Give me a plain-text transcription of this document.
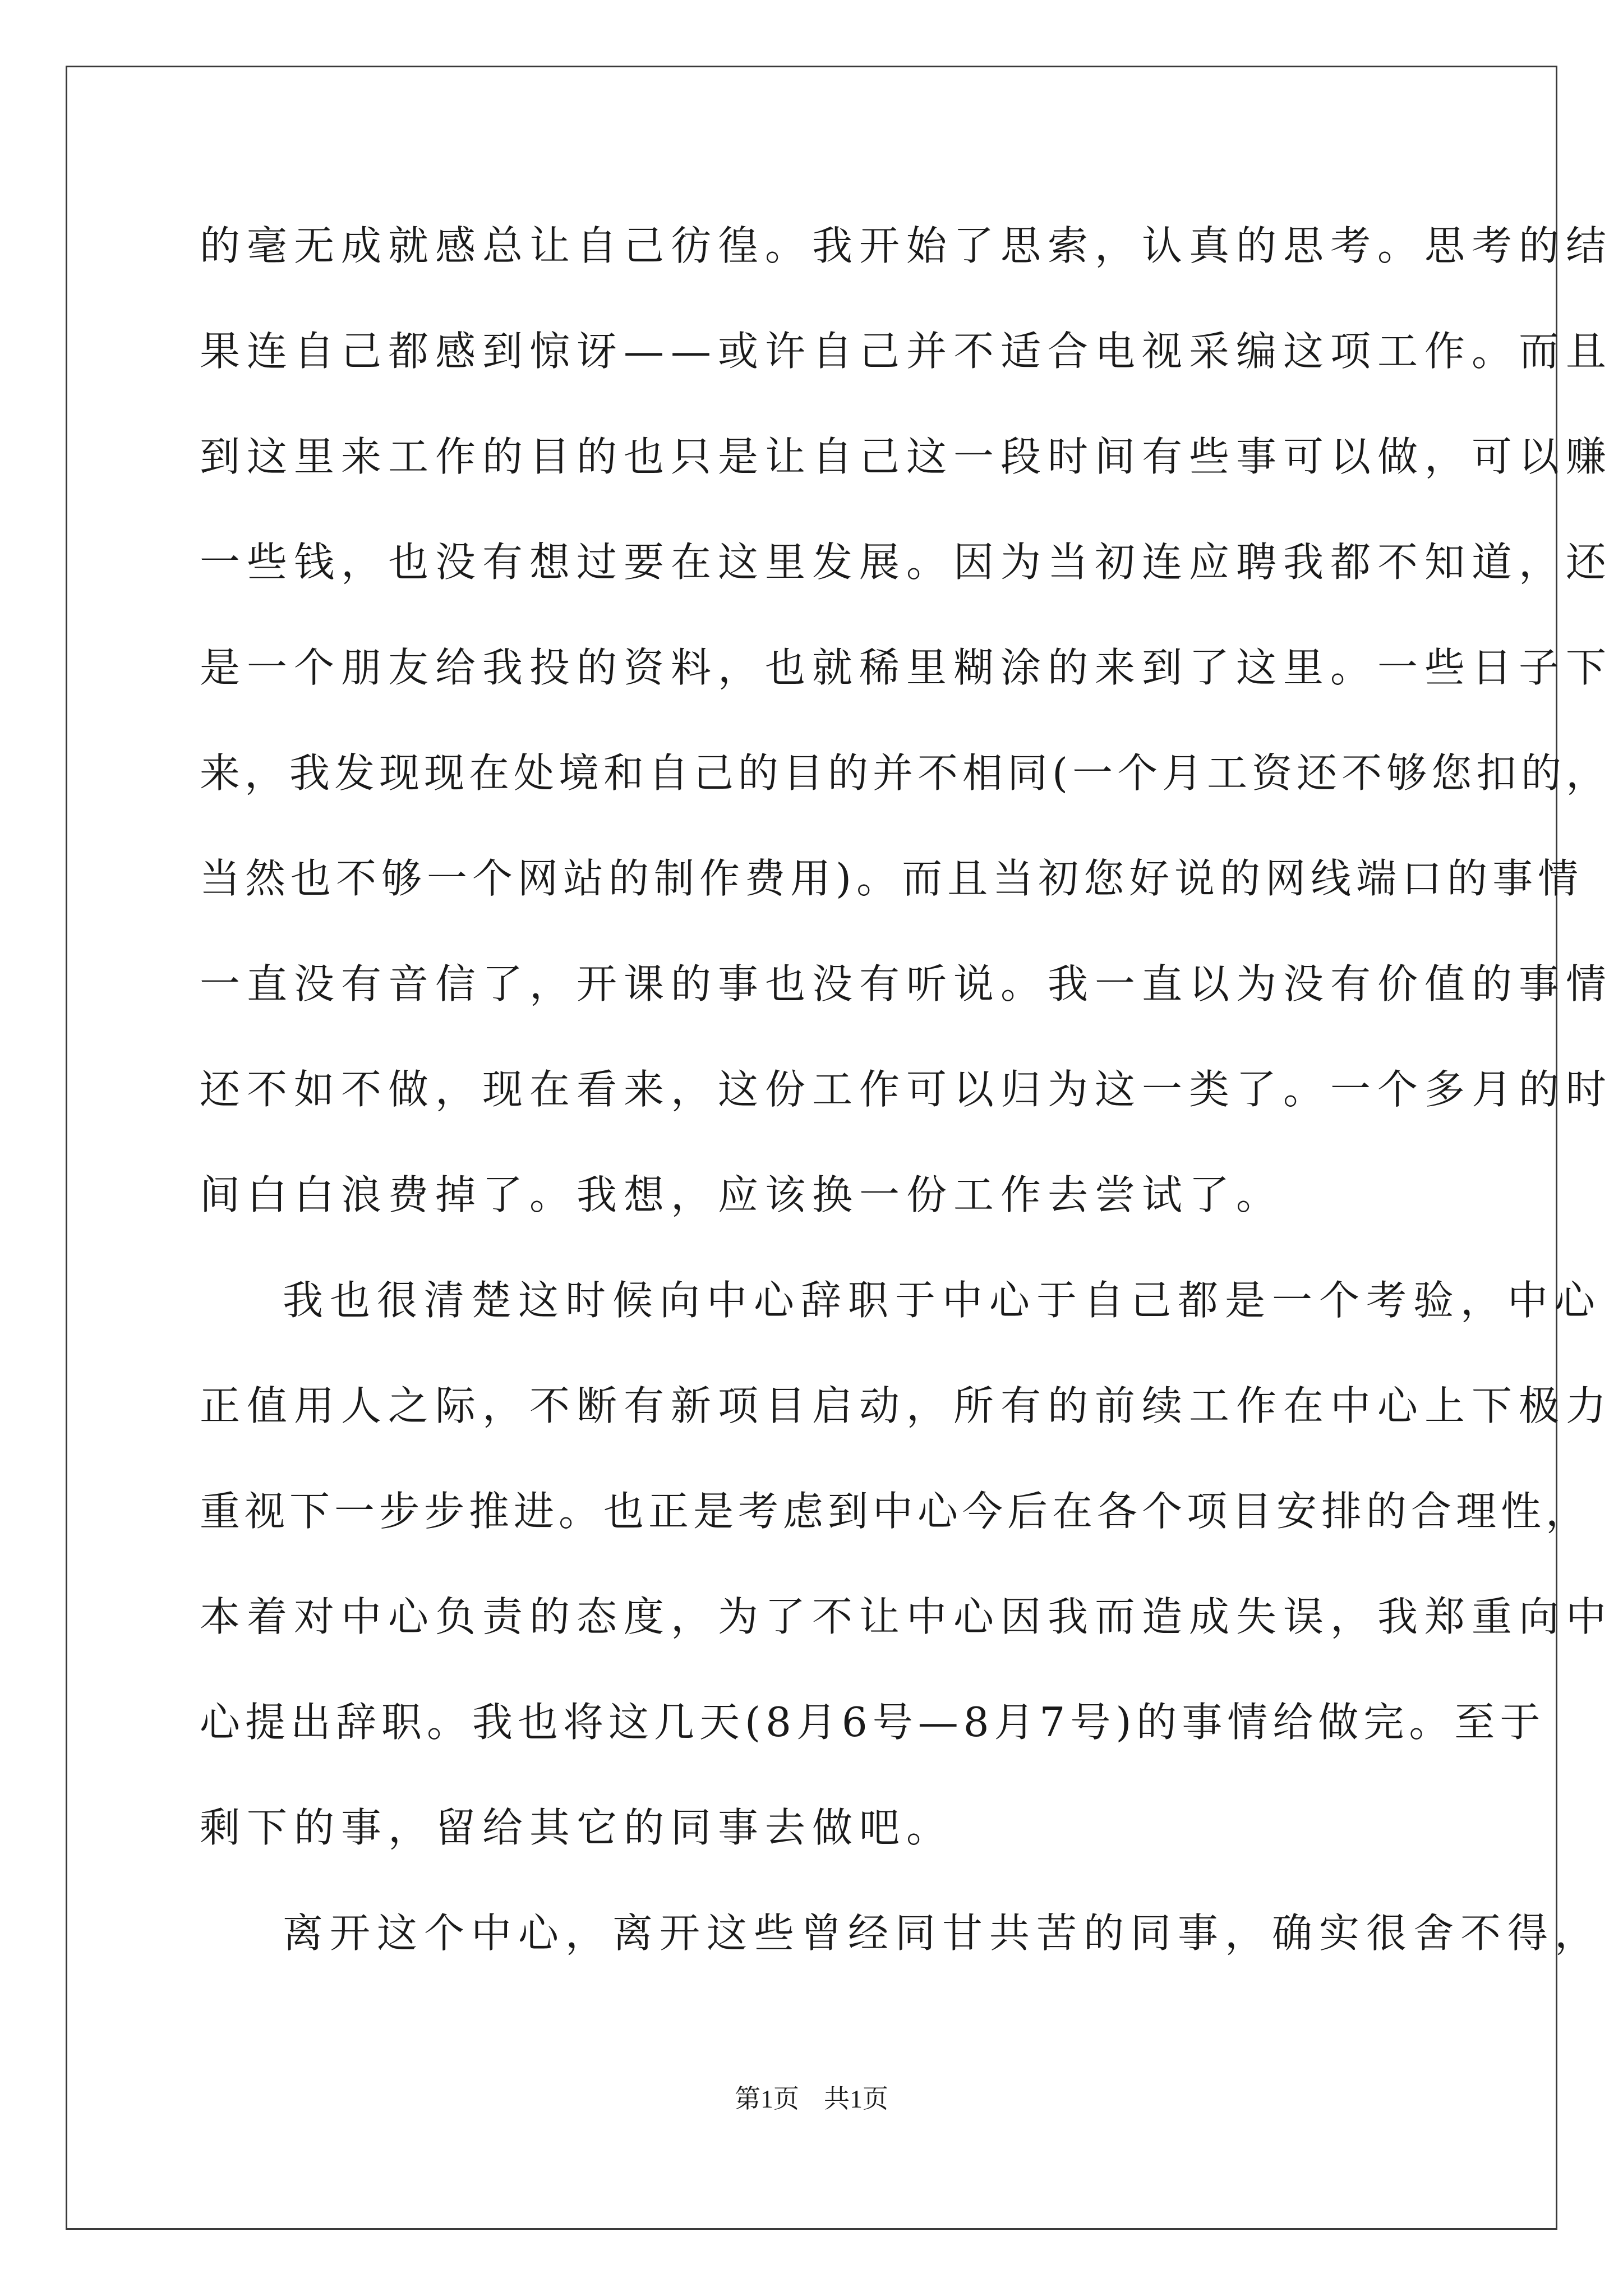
的毫无成就感总让自己彷徨。我开始了思索，认真的思考。思考的结
果连自己都感到惊讶——或许自己并不适合电视采编这项工作。而且
到这里来工作的目的也只是让自己这一段时间有些事可以做，可以赚
一些钱，也没有想过要在这里发展。因为当初连应聘我都不知道，还
是一个朋友给我投的资料，也就稀里糊涂的来到了这里。一些日子下
来，我发现现在处境和自己的目的并不相同(一个月工资还不够您扣的，
当然也不够一个网站的制作费用)。而且当初您好说的网线端口的事情
一直没有音信了，开课的事也没有听说。我一直以为没有价值的事情
还不如不做，现在看来，这份工作可以归为这一类了。一个多月的时
间白白浪费掉了。我想，应该换一份工作去尝试了。
我也很清楚这时候向中心辞职于中心于自己都是一个考验，中心
正值用人之际，不断有新项目启动，所有的前续工作在中心上下极力
重视下一步步推进。也正是考虑到中心今后在各个项目安排的合理性，
本着对中心负责的态度，为了不让中心因我而造成失误，我郑重向中
心提出辞职。我也将这几天(8月6号—8月7号)的事情给做完。至于
剩下的事，留给其它的同事去做吧。
离开这个中心，离开这些曾经同甘共苦的同事，确实很舍不得，
第1页 共1页
